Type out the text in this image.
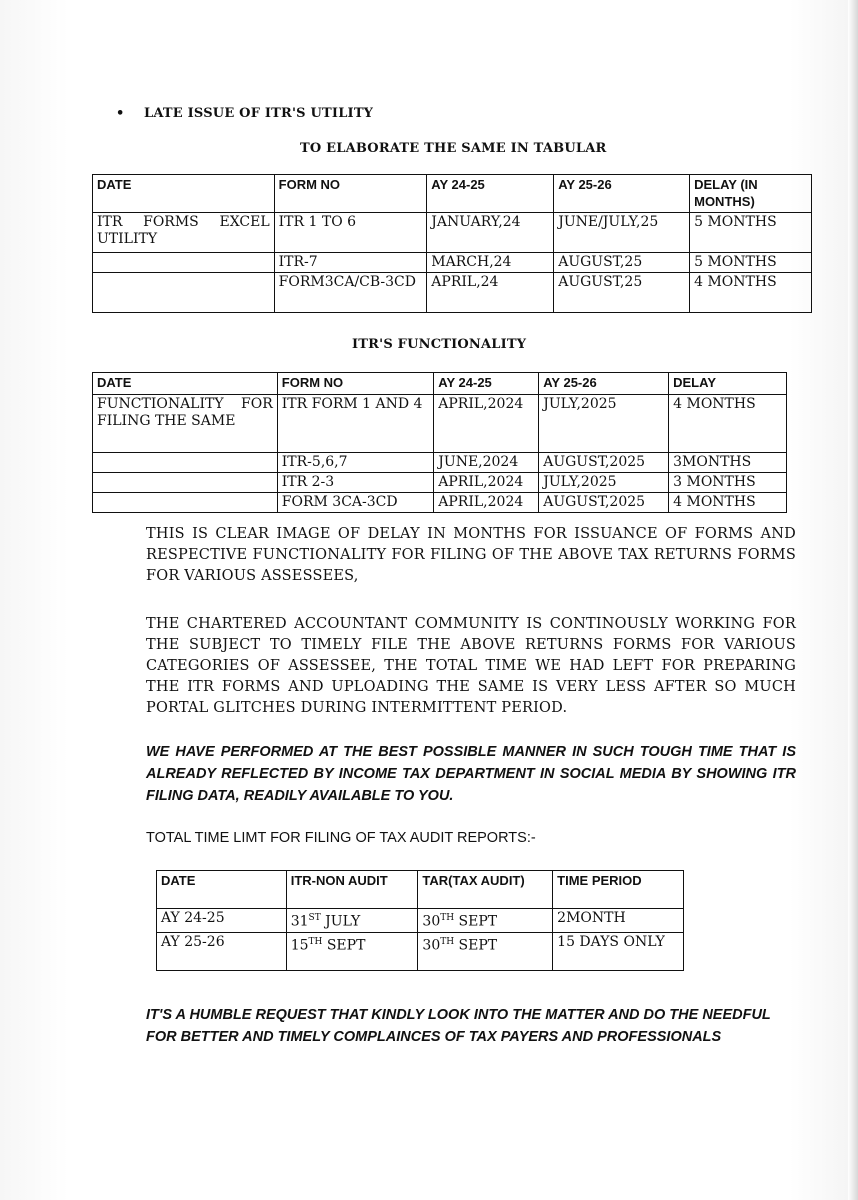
• LATE ISSUE OF ITR'S UTILITY
TO ELABORATE THE SAME IN TABULAR
DATE	FORM NO	AY 24-25	AY 25-26	DELAY (IN MONTHS)
ITR FORMS EXCEL UTILITY	ITR 1 TO 6	JANUARY,24	JUNE/JULY,25	5 MONTHS
	ITR-7	MARCH,24	AUGUST,25	5 MONTHS
	FORM3CA/CB-3CD	APRIL,24	AUGUST,25	4 MONTHS
ITR'S FUNCTIONALITY
DATE	FORM NO	AY 24-25	AY 25-26	DELAY
FUNCTIONALITY FOR FILING THE SAME	ITR FORM 1 AND 4	APRIL,2024	JULY,2025	4 MONTHS
	ITR-5,6,7	JUNE,2024	AUGUST,2025	3MONTHS
	ITR 2-3	APRIL,2024	JULY,2025	3 MONTHS
	FORM 3CA-3CD	APRIL,2024	AUGUST,2025	4 MONTHS
THIS IS CLEAR IMAGE OF DELAY IN MONTHS FOR ISSUANCE OF FORMS AND RESPECTIVE FUNCTIONALITY FOR FILING OF THE ABOVE TAX RETURNS FORMS FOR VARIOUS ASSESSEES,
THE CHARTERED ACCOUNTANT COMMUNITY IS CONTINOUSLY WORKING FOR THE SUBJECT TO TIMELY FILE THE ABOVE RETURNS FORMS FOR VARIOUS CATEGORIES OF ASSESSEE, THE TOTAL TIME WE HAD LEFT FOR PREPARING THE ITR FORMS AND UPLOADING THE SAME IS VERY LESS AFTER SO MUCH PORTAL GLITCHES DURING INTERMITTENT PERIOD.
WE HAVE PERFORMED AT THE BEST POSSIBLE MANNER IN SUCH TOUGH TIME THAT IS ALREADY REFLECTED BY INCOME TAX DEPARTMENT IN SOCIAL MEDIA BY SHOWING ITR FILING DATA, READILY AVAILABLE TO YOU.
TOTAL TIME LIMT FOR FILING OF TAX AUDIT REPORTS:-
DATE	ITR-NON AUDIT	TAR(TAX AUDIT)	TIME PERIOD
AY 24-25	31ST JULY	30TH SEPT	2MONTH
AY 25-26	15TH SEPT	30TH SEPT	15 DAYS ONLY
IT'S A HUMBLE REQUEST THAT KINDLY LOOK INTO THE MATTER AND DO THE NEEDFUL FOR BETTER AND TIMELY COMPLAINCES OF TAX PAYERS AND PROFESSIONALS
